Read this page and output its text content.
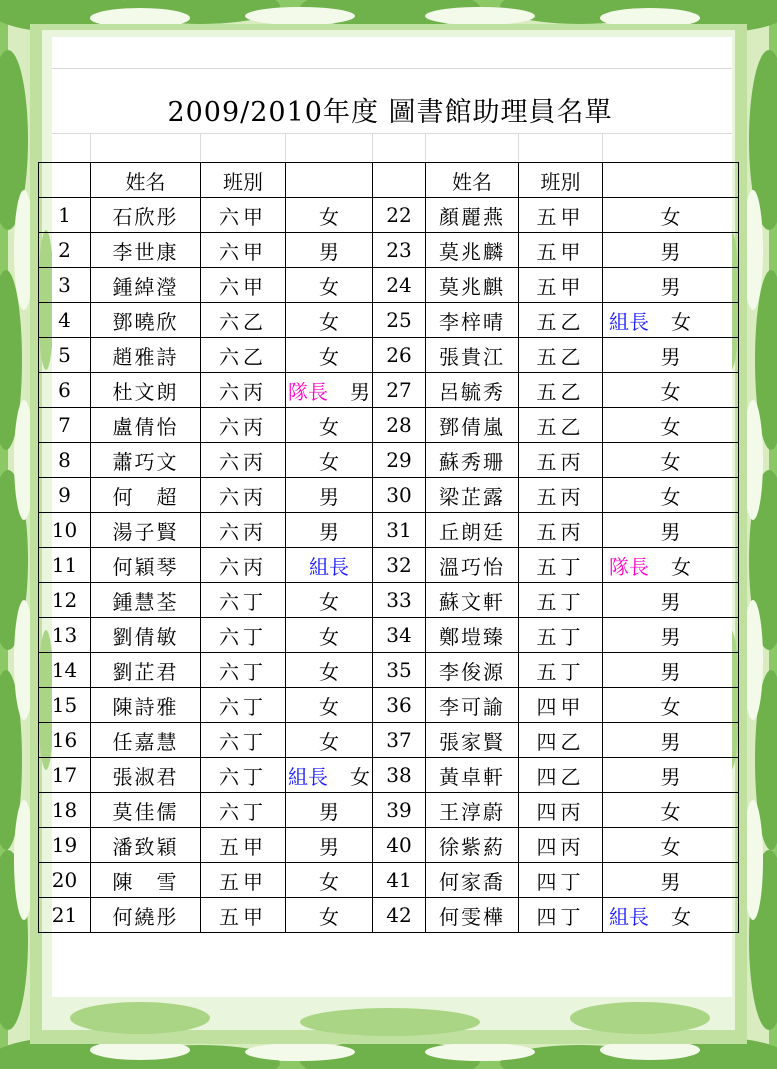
2009/2010年度 圖書館助理員名單
	姓名	班別			姓名	班別	
1	石欣彤	六甲	女	22	顏麗燕	五甲	女
2	李世康	六甲	男	23	莫兆麟	五甲	男
3	鍾綽瀅	六甲	女	24	莫兆麒	五甲	男
4	鄧曉欣	六乙	女	25	李梓晴	五乙	組長 女
5	趙雅詩	六乙	女	26	張貴江	五乙	男
6	杜文朗	六丙	隊長 男	27	呂毓秀	五乙	女
7	盧倩怡	六丙	女	28	鄧倩嵐	五乙	女
8	蕭巧文	六丙	女	29	蘇秀珊	五丙	女
9	何　超	六丙	男	30	梁芷露	五丙	女
10	湯子賢	六丙	男	31	丘朗廷	五丙	男
11	何穎琴	六丙	組長	32	溫巧怡	五丁	隊長 女
12	鍾慧荃	六丁	女	33	蘇文軒	五丁	男
13	劉倩敏	六丁	女	34	鄭塏臻	五丁	男
14	劉芷君	六丁	女	35	李俊源	五丁	男
15	陳詩雅	六丁	女	36	李可諭	四甲	女
16	任嘉慧	六丁	女	37	張家賢	四乙	男
17	張淑君	六丁	組長 女	38	黃卓軒	四乙	男
18	莫佳儒	六丁	男	39	王淳蔚	四丙	女
19	潘致穎	五甲	男	40	徐紫葯	四丙	女
20	陳　雪	五甲	女	41	何家喬	四丁	男
21	何繞彤	五甲	女	42	何雯樺	四丁	組長 女
